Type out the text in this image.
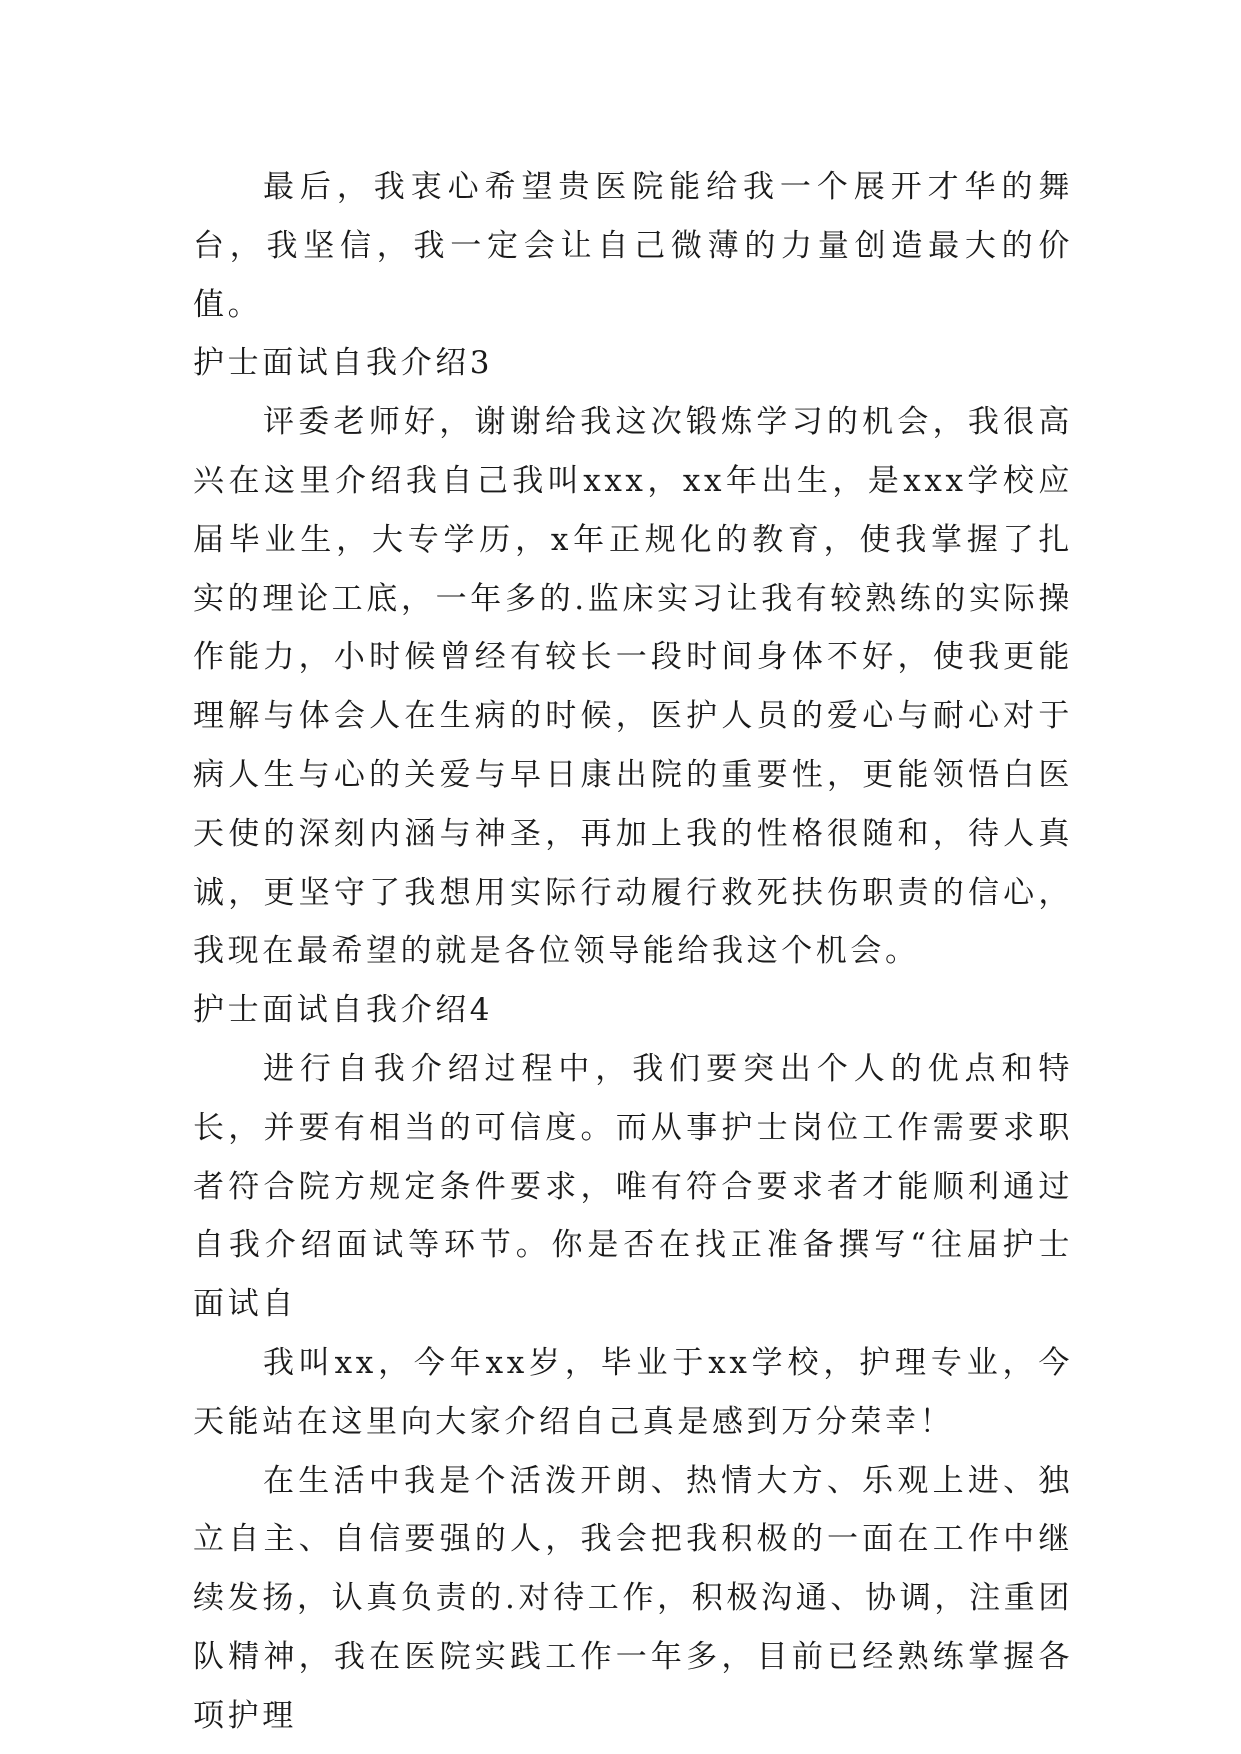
最后，我衷心希望贵医院能给我一个展开才华的舞台，我坚信，我一定会让自己微薄的力量创造最大的价值。

护士面试自我介绍3

评委老师好，谢谢给我这次锻炼学习的机会，我很高兴在这里介绍我自己我叫xxx，xx年出生，是xxx学校应届毕业生，大专学历，x年正规化的教育，使我掌握了扎实的理论工底，一年多的.监床实习让我有较熟练的实际操作能力，小时候曾经有较长一段时间身体不好，使我更能理解与体会人在生病的时候，医护人员的爱心与耐心对于病人生与心的关爱与早日康出院的重要性，更能领悟白医天使的深刻内涵与神圣，再加上我的性格很随和，待人真诚，更坚守了我想用实际行动履行救死扶伤职责的信心，我现在最希望的就是各位领导能给我这个机会。

护士面试自我介绍4

进行自我介绍过程中，我们要突出个人的优点和特长，并要有相当的可信度。而从事护士岗位工作需要求职者符合院方规定条件要求，唯有符合要求者才能顺利通过自我介绍面试等环节。你是否在找正准备撰写“往届护士面试自

我叫xx，今年xx岁，毕业于xx学校，护理专业，今天能站在这里向大家介绍自己真是感到万分荣幸！

在生活中我是个活泼开朗、热情大方、乐观上进、独立自主、自信要强的人，我会把我积极的一面在工作中继续发扬，认真负责的.对待工作，积极沟通、协调，注重团队精神，我在医院实践工作一年多，目前已经熟练掌握各项护理
